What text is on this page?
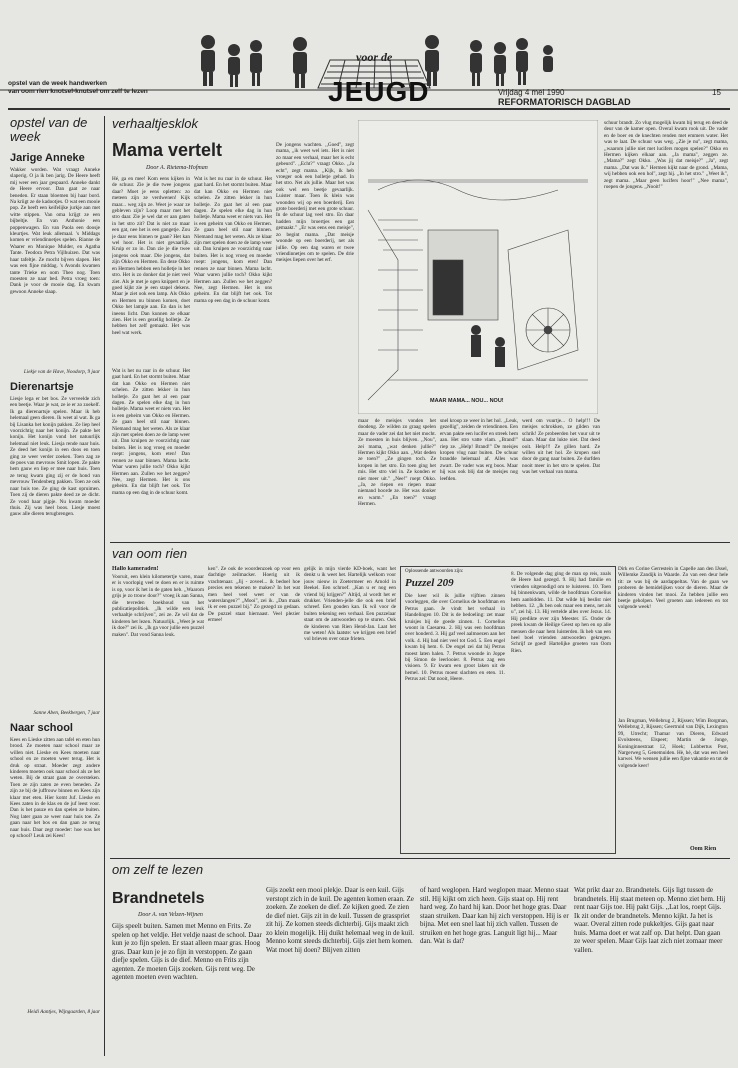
opstel van de week handwerken
van oom rien knotsel-knutsel om zelf te lezen
voor de
JEUGD	Vrijdag 4 mei 1990
REFORMATORISCH DAGBLAD
15
opstel van de week
Jarige Anneke

Wakker worden. Wat vraagt Anneke slaperig. O ja ik ben jarig. De Heere heeft mij weer een jaar gespaard. Anneke dankt de Heere ervoor. Dan gaat ze naar beneden. Er staan bloemen bij haar bord. Na kriigt ze de kadootjes. O wat een mooie pop. Ze heeft een keifelijke jurkje aan met witte stippen. Van oma krijgt ze een bijbeltje. En van Anthonie een poppenwagen. En van Paola een doosje kleurtjes. Wat leuk allemaal. 's Middags komen er vriendinnetjes spelen. Rianne de Waarer en Monique Mulder, en Agatha Tante. Teodora Petra Vijlhuizen. Dat was haar tafeltje. Ze mocht bijven slapen. Het was een fijne middag. 's Avonds kwamen tante Trieke en oom Theo nog. Toen moesten ze naar bed. Petra vroeg toen: Dank je voor de mooie dag. En kwam gewoon Anneke slaap.

Liekje van de Have, Noodorp, 9 jaar

Dierenartsje

Liesje lega er bet bos. Ze verveelde zich een beetje. Waar je wat, ze ie er zo zoekelf. Ik ga dierenartsje spelen. Maar ik heb helemaal geen dieren. Ik weet al wat. Ik ga bij Lisanka het konijn pakken. Ze liep heel voorzichtig naar het konijn. Ze pakte het konijn. Het konijn vond het natuurlijk helemaal niet leuk. Liesja rende naar huis. Ze deed het konijn in een doos en toen ging ze weer verder zoeken. Toen zag ze de poes van mevrouw Smit lopen. Ze pakte hem gauw en liep er mee naar huis. Toen ze terug kwam ging zij er de hond van mevrouw Tendenberg pakken. Toen ze ook naar huis toe. Ze ging de kast opruimen. Toen zij de dieren pakte deed ze ze dicht. Ze vond haar pijpje. Nu kwam moeder thuis. Zij was heel boos. Liesje moest gauw alle dieren terugbrengen.

Sanne Aben, Beekbergen, 7 jaar

Naar school

Kees en Lieske zitten aan tafel en eten hun brood. Ze moeten naar school maar ze willen niet. Lieske en Kees moeten naar school en ze moeten weer terug. Het is druk op straat. Moeder zegt andere kinderen moeten ook naar school als ze het weten. Bij de straat gaan ze oversteken. Toen ze zijn zaten ze even beneden. Ze zijn ze bij de juffrouw binnen en Kees zijn klaar met eten. Hier komt Juf. Lieske en Kees zaten in de klas en de juf leest voor. Dan is het pauze en dan spelen ze buiten. Nog later gaan ze weer naar huis toe. Ze gaan naar het bos en dan gaan ze terug naar huis. Daar zegt moeder: hoe was het op school? Leuk zei Kees!

Heidi Aantjes, Wijngaarden, 8 jaar

verhaaltjesklok
Mama vertelt
Door A. Rietema-Hofman

Hé, ga en mee! Kom eens kijken in de schuur. Zie je die twee jongens daar? Moet je eens opletten: zo meteen zijn ze verdwenen! Kijk maar... weg zijn ze. Weet je waar ze gebleven zijn? Loop maar met het stro daar. Zie je wel dat er aan gaten in het stro zit? Dat is niet zo maar een gat, nee het is een gangetje. Zou je daar eens binnen te gaan? Het kan wel hoor. Het is niet gevaarlijk. Kruip er zo in. Dan zie je die twee jongens ook maar. Die jongens, dat zijn Okko en Hermen. En deze Okko en Hermen hebben een holletje in het stro. Het is zo donker dat je niet veel ziet. Als je met je ogen knippert en je goed kijkt zie je een stapel dekens. Maar je ziet ook een lamp. Als Okko en Hermen nu binnen komen, doet Okko het lampje aan. En dan is het ineens licht. Dan kunnen ze elkaar zien. Het is een gezellig holletje. Ze hebben het zelf gemaakt. Het was heel wat werk.

Wat is het nu raar in de schuur. Het gaat hard. En het stormt buiten. Maar dat kan Okko en Hermen niet schelen. Ze zitten lekker in hun holletje. Zo gaat het al een paar dagen. Ze spelen elke dag in hun holletje. Mama weet er niets van. Het is een geheim van Okko en Hermen. Ze gaan heel stil naar binnen. Niemand mag het weten. Als ze klaar zijn met spelen doen ze de lamp weer uit. Dan kruipen ze voorzichtig naar buiten. Het is nog vroeg en moeder roept: jongens, kom eten! Dan rennen ze naar binnen. Mama lacht. Waar waren jullie toch? Okko kijkt Hermen aan. Zullen we het zeggen? Nee, zegt Hermen. Het is ons geheim. En dat blijft het ook. Tot mama op een dag in de schuur komt.

Wat is het nu raar in de schuur. Het gaat hard. En het stormt buiten. Maar dat kan Okko en Hermen niet schelen. Ze zitten lekker in hun holletje. Zo gaat het al een paar dagen. Ze spelen elke dag in hun holletje. Mama weet er niets van. Het is een geheim van Okko en Hermen. Ze gaan heel stil naar binnen. Niemand mag het weten. Als ze klaar zijn met spelen doen ze de lamp weer uit. Dan kruipen ze voorzichtig naar buiten. Het is nog vroeg en moeder roept: jongens, kom eten! Dan rennen ze naar binnen. Mama lacht. Waar waren jullie toch? Okko kijkt Hermen aan. Zullen we het zeggen? Nee, zegt Hermen. Het is ons geheim. En dat blijft het ook. Tot mama op een dag in de schuur komt.

De jongens wachten. ,,Goed", zegt mama, ,,ik weet wel iets. Het is niet zo maar een verhaal, maar het is echt gebeurd". ,,Echt?" vraagt Okko. ,,Ja echt", zegt mama. ,,Kijk, ik heb vroeger ook een holletje gehad. In het stro. Net als jullie. Maar het was ook wel een beetje gevaarlijk. Luister maar. Toen ik klein was woonden wij op een boerderij. Een grote boerderij met een grote schuur. In de schuur lag veel stro. En daar hadden mijn broertjes een gat gemaakt." ,,Er was eens een meisje", zo begint mama. ,,Dat meisje woonde op een boerderij, net als jullie. Op een dag waren er twee vriendinnetjes om te spelen. De drie meisjes liepen over het erf.

MAAR MAMA... NOU... NOU!

maar de meisjes vonden het doodeng. Ze wilden zo graag spelen maar de vader zei dat het niet mocht. Ze moesten in huis blijven. ,,Nou", zei mama, ,,wat denken jullie?" Hermen kijkt Okko aan. ,,Wat deden ze toen?" ,,Ze gingen toch. Ze kropen in het stro. En toen ging het mis. Het stro viel in. Ze konden er niet meer uit." ,,Nee!" roept Okko. ,,Ja, ze riepen en riepen maar niemand hoorde ze. Het was donker en warm." ,,En toen?" vraagt Hermen.

snel kroop ze weer in het hol. ,,Leuk, gezellig", zeiden de vriendinnen. Een ervan pakte een lucifer en streek hem aan. Het stro vatte vlam. ,,Brand!" riep ze. ,,Help! Brand!" De meisjes kropen vlug naar buiten. De schuur brandde helemaal af. Alles was zwart. De vader was erg boos. Maar hij was ook blij dat de meisjes nog leefden.

werd om vuurtje... O help!!! De meisjes schrokken, ze gilden van schrik! Ze probeerden het vuur uit te slaan. Maar dat lukte niet. Dat deed ooit. Help!!! Ze gillen hard. Ze willen uit het hol. Ze kropen snel door de gang naar buiten. Ze durfden nooit meer in het stro te spelen. Dat was het verhaal van mama.

schuur brandt. Zo vlug mogelijk kwam bij terug en deed de deur van de kamer open. Overal kwam rook uit. De vader en de boer en de knechten renden met emmers water. Het was te laat. De schuur was weg. ,,Zie je nu", zegt mama, ,,waarom jullie niet met lucifers mogen spelen?" Okko en Hermen kijken elkaar aan. ,,Ja mama", zeggen ze. ,,Mama?" zegt Okko. ,,Was jij dat meisje?" ,,Ja", zegt mama. ,,Dat was ik." Hermen kijkt naar de grond. ,,Mama, wij hebben ook een hol", zegt hij. ,,In het stro." ,,Weet ik", zegt mama. ,,Maar geen lucifers hoor!" ,,Nee mama", roepen de jongens. ,,Nooit!"

van oom rien
Hallo kameraden!

Vooruit, een klein kilometertje varen, maar er is voorlopig veel te doen en er is ruimte is op, voor ik het in de gaten heb. ,,Waarom grijs je zo trouw door?" vroeg ik aan Sanna, die tevreden boekhoud van het publicatiepolitiek. ,,Ik wilde een leuk verhaaltje schrijven", zei ze. Ze wil dat de kinderen het lezen. Natuurlijk. ,,Weet je wat ik doe?" zei ik. ,,Ik ga voor jullie een puzzel maken". Dat vond Sanna leuk.

ken". Ze ook de woordenzoek op voor een dachtige zeilmacker. Hoerig uit ik vrachtenaar. ,,Jij - zoveel... ik bedoel hoe precies een tekenen te maken? In het wat men heel veel weet er van de waterslangen?" ,,Mooi", zei ik. ,,Dan maak ik er een puzzel bij." Zo gezegd zo gedaan. De puzzel staat hiernaast. Veel plezier ermee!

gelijk in mijn vierde KD-boek, want het denkt u ik weet het. Hartelijk welkom voor jouw nieuw in Zoetermeer en Arnold in Beekel. Een schroef. ,,Kan u er nog een vriend bij krijgen?" Altijd, al wordt het er drukker. Vrienden-jelle die ook een brief schreef. Een gouden kan. Ik wil voor de buiten tekening een verhaal. Een puzzelaar staat om de antwoorden op te sturen. Ook de kinderen van Rien Hend-Jan. Laat het me weten! Als laatste: we krijgen een brief vol brieven over onze frieten.

Oplossende antwoorden zijn:
Puzzel 209

Die keer wil ik jullie vijftien zinnen voorleggen, die over Cornelius de hoofdman en Petrus gaan. Je vindt het verhaal in Handelingen 10. Dit is de bedoeling: zet maar kruisjes bij de goede zinnen. 1. Cornelius woont in Caesarea. 2. Hij was een hoofdman over honderd. 3. Hij gaf veel aalmoezen aan het volk. 4. Hij bad niet veel tot God. 5. Een engel kwam bij hem. 6. De engel zei dat hij Petrus moest laten halen. 7. Petrus woonde in Joppe bij Simon de leerlooier. 8. Petrus zag een visioen. 9. Er kwam een groot laken uit de hemel. 10. Petrus moest slachten en eten. 11. Petrus zei: Dat nooit, Heere.

8. De volgende dag ging de man op reis, zoals de Heere had gezegd. 9. Hij had familie en vrienden uitgenodigd om te luisteren. 10. Toen hij binnenkwam, wilde de hoofdman Cornelius hem aanbidden. 11. Dat wilde hij beslist niet hebben. 12. ,,Ik ben ook maar een mens, net als u", zei hij. 13. Hij vertelde alles over Jezus. 14. Hij predikte over zijn Meester. 15. Onder de preek kwam de Heilige Geest op hen en op alle mensen die naar hem luisterden. Ik heb van een heel boel vrienden antwoorden gekregen. Schrijf ze goed! Hartelijke groeten van Oom Rien.

Dirk en Corine Gerrestein in Capelle aan den IJssel, Willemke Zandijk in Waarde. Zo van een deur hele tit: ze was bij de aardappeltas. Van de gaan we proberen de bemidelijken voor de dieren. Maar de kinderen vinden het mooi. Zo hebben jullie een beetje geholpen. Veel groeten aan iedereen en tot volgende week!

Jan Brugman, Wellebrug 2, Rijssen; Wim Borgman, Wellebrug 2, Rijssen; Geertruid van Dijk, Lexington 99, Utrecht; Thamar van Dieren, Edward Evolsteens, Elspeet; Martin de Jonge, Koninginnestraat 12, Hoek; Lubbertus Post, Nargerweg 5, Genemuiden. Hè, hè, dat was een heel karwei. We wensen jullie een fijne vakantie en tot de volgende keer!

Oom Rien
om zelf te lezen
Brandnetels
Door A. van Velzen-Wijnen

Gijs speelt buiten. Samen met Menno en Frits. Ze spelen op het veldje. Het veldje naast de school. Daar kun je zo fijn spelen. Er staat alleen maar gras. Hoog gras. Daar kun je je zo fijn in verstoppen. Ze gaan diefje spelen. Gijs is de dief. Menno en Frits zijn agenten. Ze moeten Gijs zoeken. Gijs rent weg. De agenten moeten even wachten.

Gijs zoekt een mooi plekje. Daar is een kuil. Gijs verstopt zich in de kuil. De agenten komen eraan. Ze zoeken. Ze zoeken de dief. Ze kijken goed. Ze zien de dief niet. Gijs zit in de kuil. Tussen de grasspriet zit hij. Ze komen steeds dichterbij. Gijs maakt zich zo klein mogelijk. Hij duikt helemaal weg in de kuil. Menno komt steeds dichterbij. Gijs ziet hem komen. Wat moet hij doen? Blijven zitten

of hard weglopen. Hard weglopen maar. Menno staat stil. Hij kijkt om zich heen. Gijs staat op. Hij rent hard weg. Zo hard hij kan. Door het hoge gras. Daar staan struiken. Daar kan hij zich verstoppen. Hij is er bijna. Met een snel laat hij zich vallen. Tussen de struiken en het hoge gras. Languit ligt hij... Maar dan. Wat is dat?

Wat prikt daar zo. Brandnetels. Gijs ligt tussen de brandnetels. Hij staat meteen op. Menno ziet hem. Hij rent naar Gijs toe. Hij pakt Gijs. ,,Lat los, roept Gijs. Ik zit onder de brandnetels. Menno kijkt. Ja het is waar. Overal zitten rode pukkeltjes. Gijs gaat naar huis. Mama doet er wat zalf op. Dat helpt. Dan gaan ze weer spelen. Maar Gijs laat zich niet zomaar meer vallen.
